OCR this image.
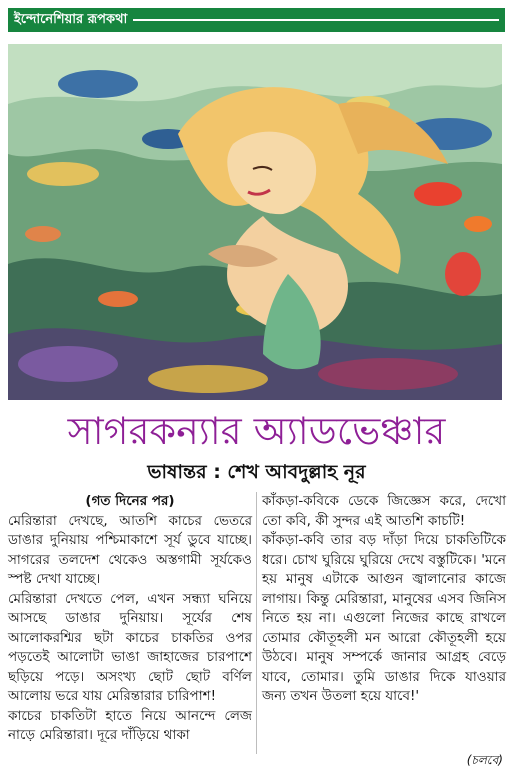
ইন্দোনেশিয়ার রূপকথা
সাগরকন্যার অ্যাডভেঞ্চার
ভাষান্তর : শেখ আবদুল্লাহ নূর

(গত দিনের পর)

মেরিন্তারা দেখছে, আতশি কাচের ভেতরে ডাঙার দুনিয়ায় পশ্চিমাকাশে সূর্য ডুবে যাচ্ছে। সাগরের তলদেশ থেকেও অস্তগামী সূর্যকেও স্পষ্ট দেখা যাচ্ছে।

মেরিন্তারা দেখতে পেল, এখন সন্ধ্যা ঘনিয়ে আসছে ডাঙার দুনিয়ায়। সূর্যের শেষ আলোকরশ্মির ছটা কাচের চাকতির ওপর পড়তেই আলোটা ভাঙা জাহাজের চারপাশে ছড়িয়ে পড়ে। অসংখ্য ছোট ছোট বর্ণিল আলোয় ভরে যায় মেরিন্তারার চারিপাশ!

কাচের চাকতিটা হাতে নিয়ে আনন্দে লেজ নাড়ে মেরিন্তারা। দূরে দাঁড়িয়ে থাকা

কাঁকড়া-কবিকে ডেকে জিজ্ঞেস করে, দেখো তো কবি, কী সুন্দর এই আতশি কাচটি!

কাঁকড়া-কবি তার বড় দাঁড়া দিয়ে চাকতিটিকে ধরে। চোখ ঘুরিয়ে ঘুরিয়ে দেখে বস্তুটিকে। 'মনে হয় মানুষ এটাকে আগুন জ্বালানোর কাজে লাগায়। কিন্তু মেরিন্তারা, মানুষের এসব জিনিস নিতে হয় না। এগুলো নিজের কাছে রাখলে তোমার কৌতূহলী মন আরো কৌতূহলী হয়ে উঠবে। মানুষ সম্পর্কে জানার আগ্রহ বেড়ে যাবে, তোমার। তুমি ডাঙার দিকে যাওয়ার জন্য তখন উতলা হয়ে যাবে!'

(চলবে)
